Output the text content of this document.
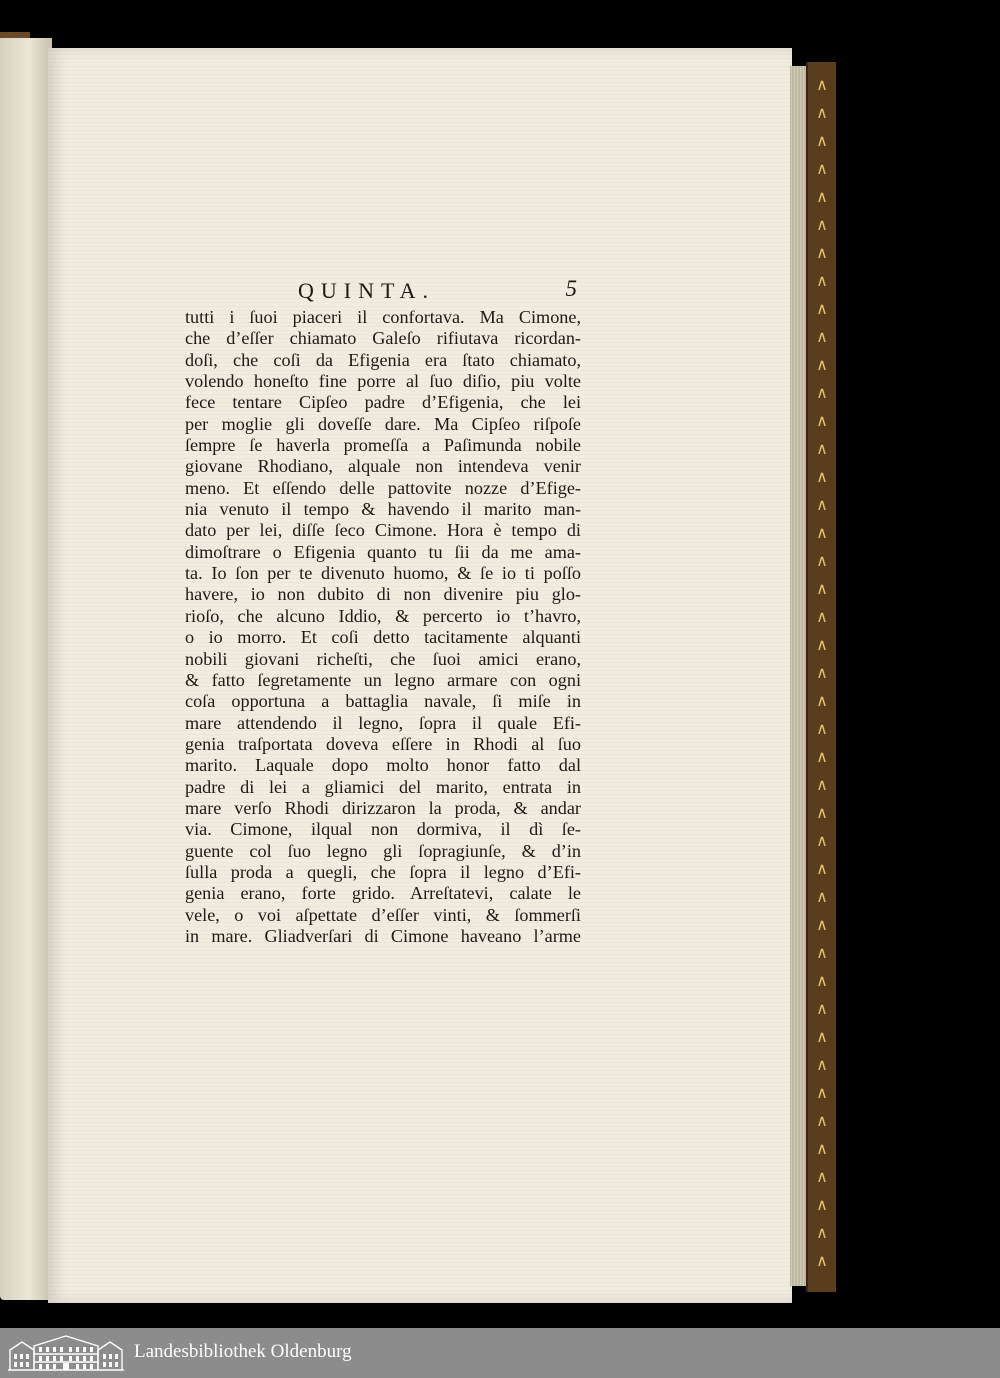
∧
∧
∧
∧
∧
∧
∧
∧
∧
∧
∧
∧
∧
∧
∧
∧
∧
∧
∧
∧
∧
∧
∧
∧
∧
∧
∧
∧
∧
∧
∧
∧
∧
∧
∧
∧
∧
∧
∧
∧
∧
∧
∧
QUINTA.	5
tutti i ſuoi piaceri il confortava. Ma Cimone,
che d’eſſer chiamato Galeſo rifiutava ricordan-
doſi, che coſi da Efigenia era ſtato chiamato,
volendo honeſto fine porre al ſuo diſio, piu volte
fece tentare Cipſeo padre d’Efigenia, che lei
per moglie gli doveſſe dare. Ma Cipſeo riſpoſe
ſempre ſe haverla promeſſa a Paſimunda nobile
giovane Rhodiano, alquale non intendeva venir
meno. Et eſſendo delle pattovite nozze d’Efige-
nia venuto il tempo & havendo il marito man-
dato per lei, diſſe ſeco Cimone. Hora è tempo di
dimoſtrare o Efigenia quanto tu ſii da me ama-
ta. Io ſon per te divenuto huomo, & ſe io ti poſſo
havere, io non dubito di non divenire piu glo-
rioſo, che alcuno Iddio, & percerto io t’havro,
o io morro. Et coſi detto tacitamente alquanti
nobili giovani richeſti, che ſuoi amici erano,
& fatto ſegretamente un legno armare con ogni
coſa opportuna a battaglia navale, ſi miſe in
mare attendendo il legno, ſopra il quale Efi-
genia traſportata doveva eſſere in Rhodi al ſuo
marito. Laquale dopo molto honor fatto dal
padre di lei a gliamici del marito, entrata in
mare verſo Rhodi dirizzaron la proda, & andar
via. Cimone, ilqual non dormiva, il dì ſe-
guente col ſuo legno gli ſopragiunſe, & d’in
ſulla proda a quegli, che ſopra il legno d’Efi-
genia erano, forte grido. Arreſtatevi, calate le
vele, o voi aſpettate d’eſſer vinti, & ſommerſi
in mare. Gliadverſari di Cimone haveano l’arme
Landesbibliothek Oldenburg
